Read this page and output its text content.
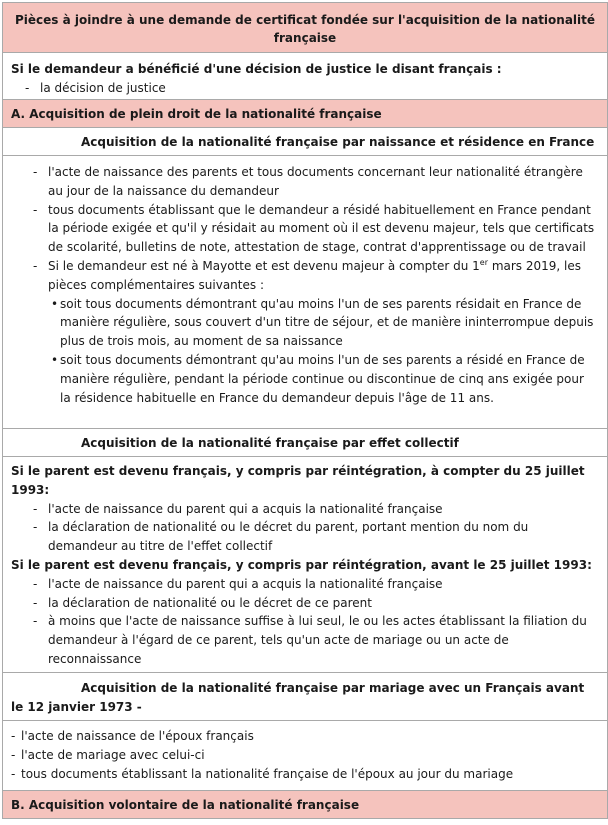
Pièces à joindre à une demande de certificat fondée sur l'acquisition de la nationalité française
Si le demandeur a bénéficié d'une décision de justice le disant français :
- la décision de justice
A. Acquisition de plein droit de la nationalité française
Acquisition de la nationalité française par naissance et résidence en France
- l'acte de naissance des parents et tous documents concernant leur nationalité étrangère au jour de la naissance du demandeur
- tous documents établissant que le demandeur a résidé habituellement en France pendant la période exigée et qu'il y résidait au moment où il est devenu majeur, tels que certificats de scolarité, bulletins de note, attestation de stage, contrat d'apprentissage ou de travail
- Si le demandeur est né à Mayotte et est devenu majeur à compter du 1er mars 2019, les pièces complémentaires suivantes :
• soit tous documents démontrant qu'au moins l'un de ses parents résidait en France de manière régulière, sous couvert d'un titre de séjour, et de manière ininterrompue depuis plus de trois mois, au moment de sa naissance
• soit tous documents démontrant qu'au moins l'un de ses parents a résidé en France de manière régulière, pendant la période continue ou discontinue de cinq ans exigée pour la résidence habituelle en France du demandeur depuis l'âge de 11 ans.
Acquisition de la nationalité française par effet collectif
Si le parent est devenu français, y compris par réintégration, à compter du 25 juillet 1993:
- l'acte de naissance du parent qui a acquis la nationalité française
- la déclaration de nationalité ou le décret du parent, portant mention du nom du demandeur au titre de l'effet collectif
Si le parent est devenu français, y compris par réintégration, avant le 25 juillet 1993:
- l'acte de naissance du parent qui a acquis la nationalité française
- la déclaration de nationalité ou le décret de ce parent
- à moins que l'acte de naissance suffise à lui seul, le ou les actes établissant la filiation du demandeur à l'égard de ce parent, tels qu'un acte de mariage ou un acte de reconnaissance
Acquisition de la nationalité française par mariage avec un Français avant le 12 janvier 1973 -
- l'acte de naissance de l'époux français
- l'acte de mariage avec celui-ci
- tous documents établissant la nationalité française de l'époux au jour du mariage
B. Acquisition volontaire de la nationalité française
